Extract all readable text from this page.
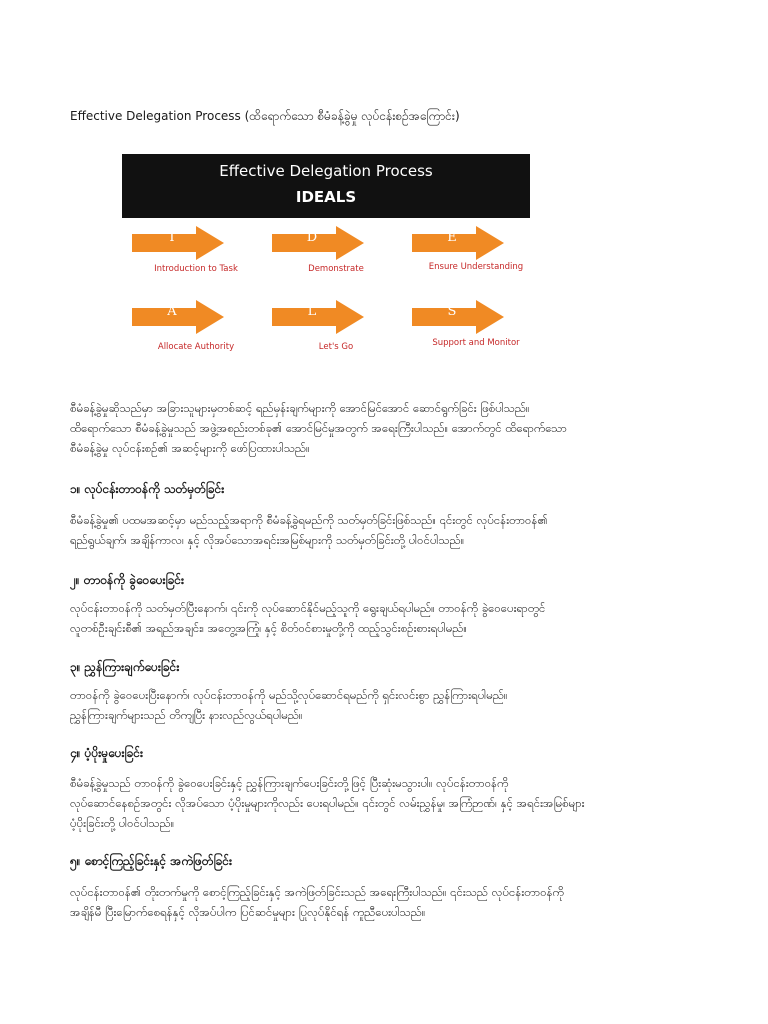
Effective Delegation Process (ထိရောက်သော စီမံခန့်ခွဲမှု လုပ်ငန်းစဉ်အကြောင်း)

Effective Delegation Process
IDEALS
I
Introduction to Task
D
Demonstrate
E
Ensure Understanding
A
Allocate Authority
L
Let's Go
S
Support and Monitor

စီမံခန့်ခွဲမှုဆိုသည်မှာ အခြားသူများမှတစ်ဆင့် ရည်မှန်းချက်များကို အောင်မြင်အောင် ဆောင်ရွက်ခြင်း ဖြစ်ပါသည်။

ထိရောက်သော စီမံခန့်ခွဲမှုသည် အဖွဲ့အစည်းတစ်ခု၏ အောင်မြင်မှုအတွက် အရေးကြီးပါသည်။ အောက်တွင် ထိရောက်သော

စီမံခန့်ခွဲမှု လုပ်ငန်းစဉ်၏ အဆင့်များကို ဖော်ပြထားပါသည်။

၁။ လုပ်ငန်းတာဝန်ကို သတ်မှတ်ခြင်း

စီမံခန့်ခွဲမှု၏ ပထမအဆင့်မှာ မည်သည့်အရာကို စီမံခန့်ခွဲရမည်ကို သတ်မှတ်ခြင်းဖြစ်သည်။ ၎င်းတွင် လုပ်ငန်းတာဝန်၏

ရည်ရွယ်ချက်၊ အချိန်ကာလ၊ နှင့် လိုအပ်သောအရင်းအမြစ်များကို သတ်မှတ်ခြင်းတို့ ပါဝင်ပါသည်။

၂။ တာဝန်ကို ခွဲဝေပေးခြင်း

လုပ်ငန်းတာဝန်ကို သတ်မှတ်ပြီးနောက်၊ ၎င်းကို လုပ်ဆောင်နိုင်မည့်သူကို ရွေးချယ်ရပါမည်။ တာဝန်ကို ခွဲဝေပေးရာတွင်

လူတစ်ဦးချင်းစီ၏ အရည်အချင်း၊ အတွေ့အကြုံ၊ နှင့် စိတ်ဝင်စားမှုတို့ကို ထည့်သွင်းစဉ်းစားရပါမည်။

၃။ ညွှန်ကြားချက်ပေးခြင်း

တာဝန်ကို ခွဲဝေပေးပြီးနောက်၊ လုပ်ငန်းတာဝန်ကို မည်သို့လုပ်ဆောင်ရမည်ကို ရှင်းလင်းစွာ ညွှန်ကြားရပါမည်။

ညွှန်ကြားချက်များသည် တိကျပြီး နားလည်လွယ်ရပါမည်။

၄။ ပံ့ပိုးမှုပေးခြင်း

စီမံခန့်ခွဲမှုသည် တာဝန်ကို ခွဲဝေပေးခြင်းနှင့် ညွှန်ကြားချက်ပေးခြင်းတို့ဖြင့် ပြီးဆုံးမသွားပါ။ လုပ်ငန်းတာဝန်ကို

လုပ်ဆောင်နေစဉ်အတွင်း လိုအပ်သော ပံ့ပိုးမှုများကိုလည်း ပေးရပါမည်။ ၎င်းတွင် လမ်းညွှန်မှု၊ အကြံဉာဏ်၊ နှင့် အရင်းအမြစ်များ

ပံ့ပိုးခြင်းတို့ ပါဝင်ပါသည်။

၅။ စောင့်ကြည့်ခြင်းနှင့် အကဲဖြတ်ခြင်း

လုပ်ငန်းတာဝန်၏ တိုးတက်မှုကို စောင့်ကြည့်ခြင်းနှင့် အကဲဖြတ်ခြင်းသည် အရေးကြီးပါသည်။ ၎င်းသည် လုပ်ငန်းတာဝန်ကို

အချိန်မီ ပြီးမြောက်စေရန်နှင့် လိုအပ်ပါက ပြင်ဆင်မှုများ ပြုလုပ်နိုင်ရန် ကူညီပေးပါသည်။
